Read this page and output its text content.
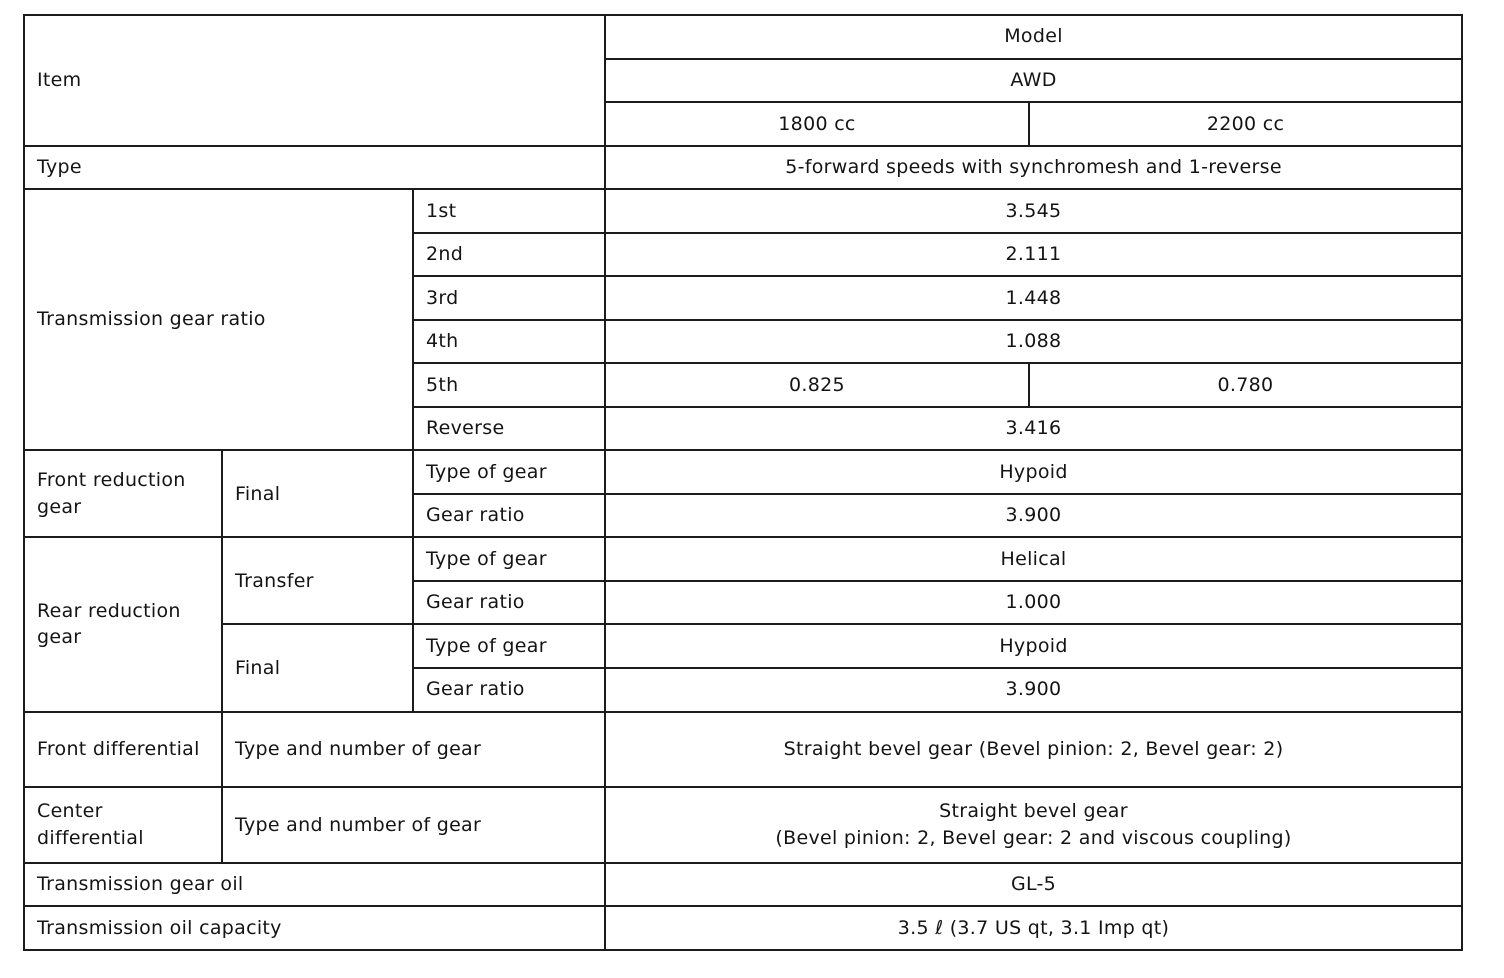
Item			Model	
			AWD	
			1800 cc	2200 cc
Type			5-forward speeds with synchromesh and 1-reverse	
Transmission gear ratio		1st	3.545	
		2nd	2.111	
		3rd	1.448	
		4th	1.088	
		5th	0.825	0.780
		Reverse	3.416	
Front reduction gear	Final	Type of gear	Hypoid	
		Gear ratio	3.900	
Rear reduction gear	Transfer	Type of gear	Helical	
		Gear ratio	1.000	
	Final	Type of gear	Hypoid	
		Gear ratio	3.900	
Front differential	Type and number of gear		Straight bevel gear (Bevel pinion: 2, Bevel gear: 2)	
Center differential	Type and number of gear		Straight bevel gear
(Bevel pinion: 2, Bevel gear: 2 and viscous coupling)	

Transmission gear oil			GL-5	
Transmission oil capacity			3.5 ℓ (3.7 US qt, 3.1 Imp qt)	
